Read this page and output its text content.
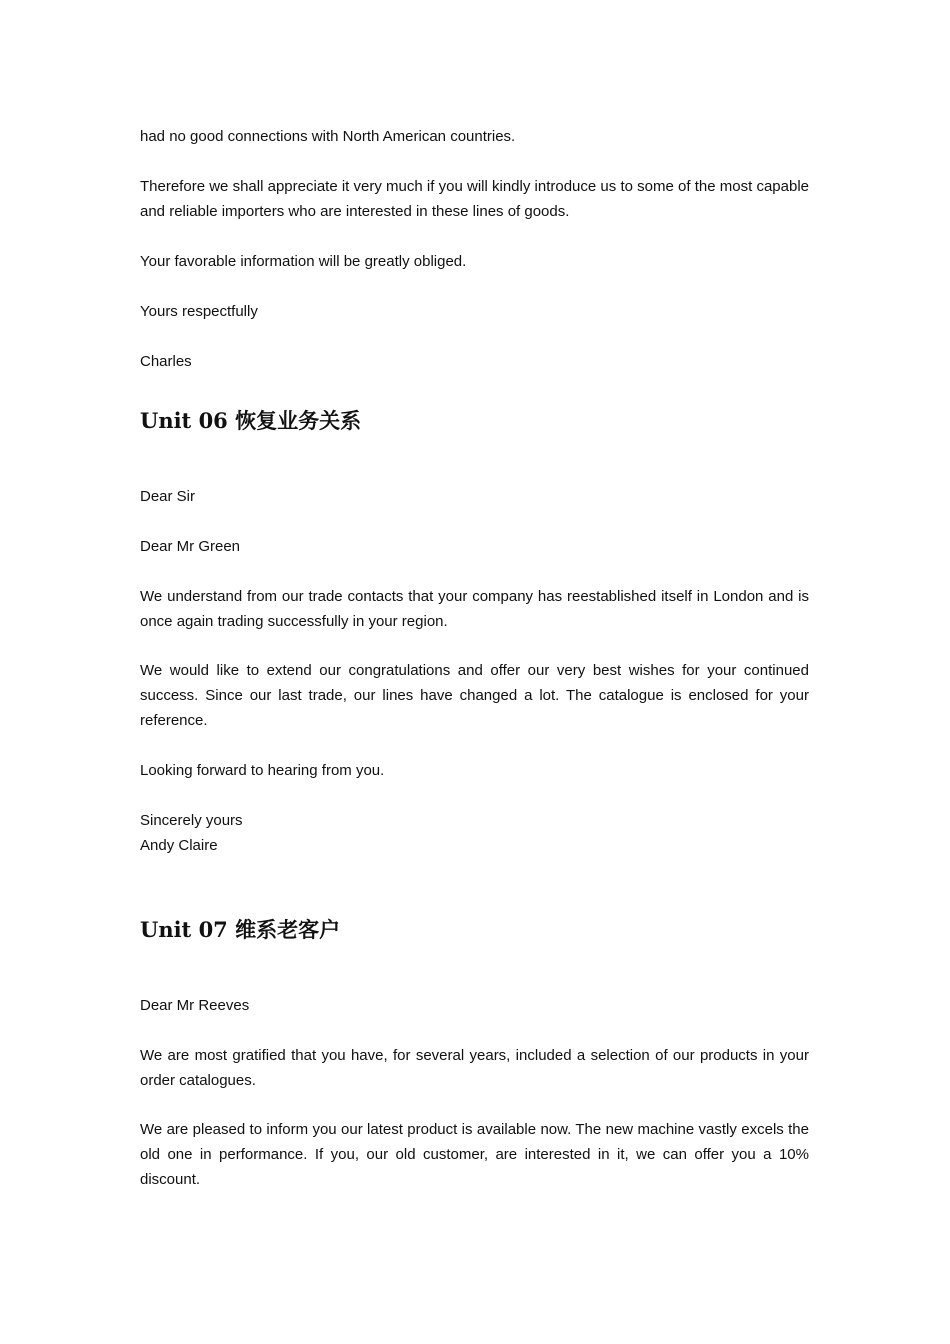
had no good connections with North American countries.

Therefore we shall appreciate it very much if you will kindly introduce us to some of the most capable and reliable importers who are interested in these lines of goods.

Your favorable information will be greatly obliged.

Yours respectfully

Charles

Unit 06 恢复业务关系

Dear Sir

Dear Mr Green

We understand from our trade contacts that your company has reestablished itself in London and is once again trading successfully in your region.

We would like to extend our congratulations and offer our very best wishes for your continued success. Since our last trade, our lines have changed a lot. The catalogue is enclosed for your reference.

Looking forward to hearing from you.

Sincerely yours

Andy Claire

Unit 07 维系老客户

Dear Mr Reeves

We are most gratified that you have, for several years, included a selection of our products in your order catalogues.

We are pleased to inform you our latest product is available now. The new machine vastly excels the old one in performance. If you, our old customer, are interested in it, we can offer you a 10% discount.
